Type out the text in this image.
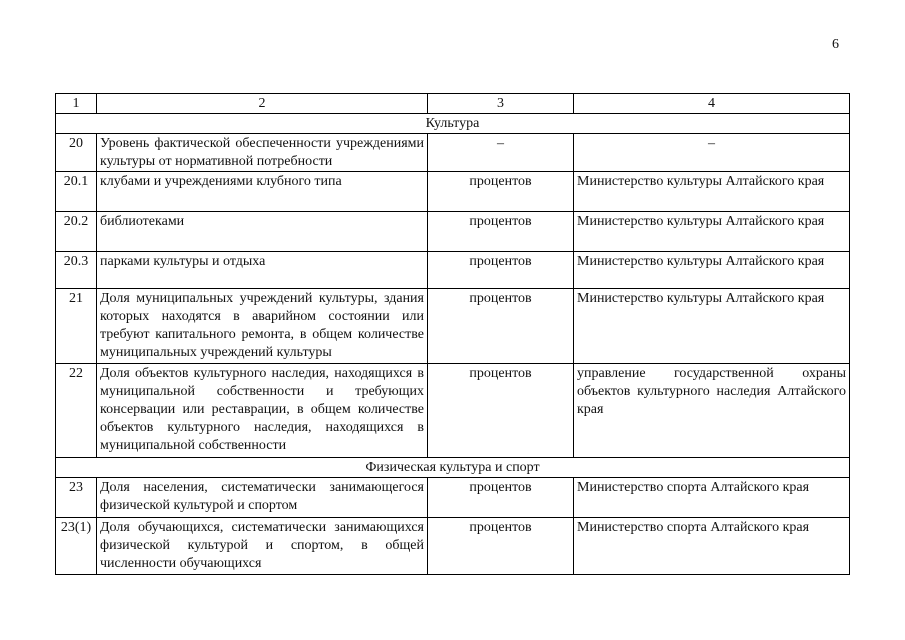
6
1	2	3	4
Культура			
20	Уровень фактической обеспеченности учреждениями культуры от нормативной потребности	–	–
20.1	клубами и учреждениями клубного типа	процентов	Министерство культуры Алтайского края
20.2	библиотеками	процентов	Министерство культуры Алтайского края
20.3	парками культуры и отдыха	процентов	Министерство культуры Алтайского края
21	Доля муниципальных учреждений культуры, здания которых находятся в аварийном состоянии или требуют капитального ремонта, в общем количестве муниципальных учреждений культуры	процентов	Министерство культуры Алтайского края
22	Доля объектов культурного наследия, находящихся в муниципальной собственности и требующих консервации или реставрации, в общем количестве объектов культурного наследия, находящихся в муниципальной собственности	процентов	управление государственной охраны объектов культурного наследия Алтайского края
Физическая культура и спорт			
23	Доля населения, систематически занимающегося физической культурой и спортом	процентов	Министерство спорта Алтайского края
23(1)	Доля обучающихся, систематически занимающихся физической культурой и спортом, в общей численности обучающихся	процентов	Министерство спорта Алтайского края
